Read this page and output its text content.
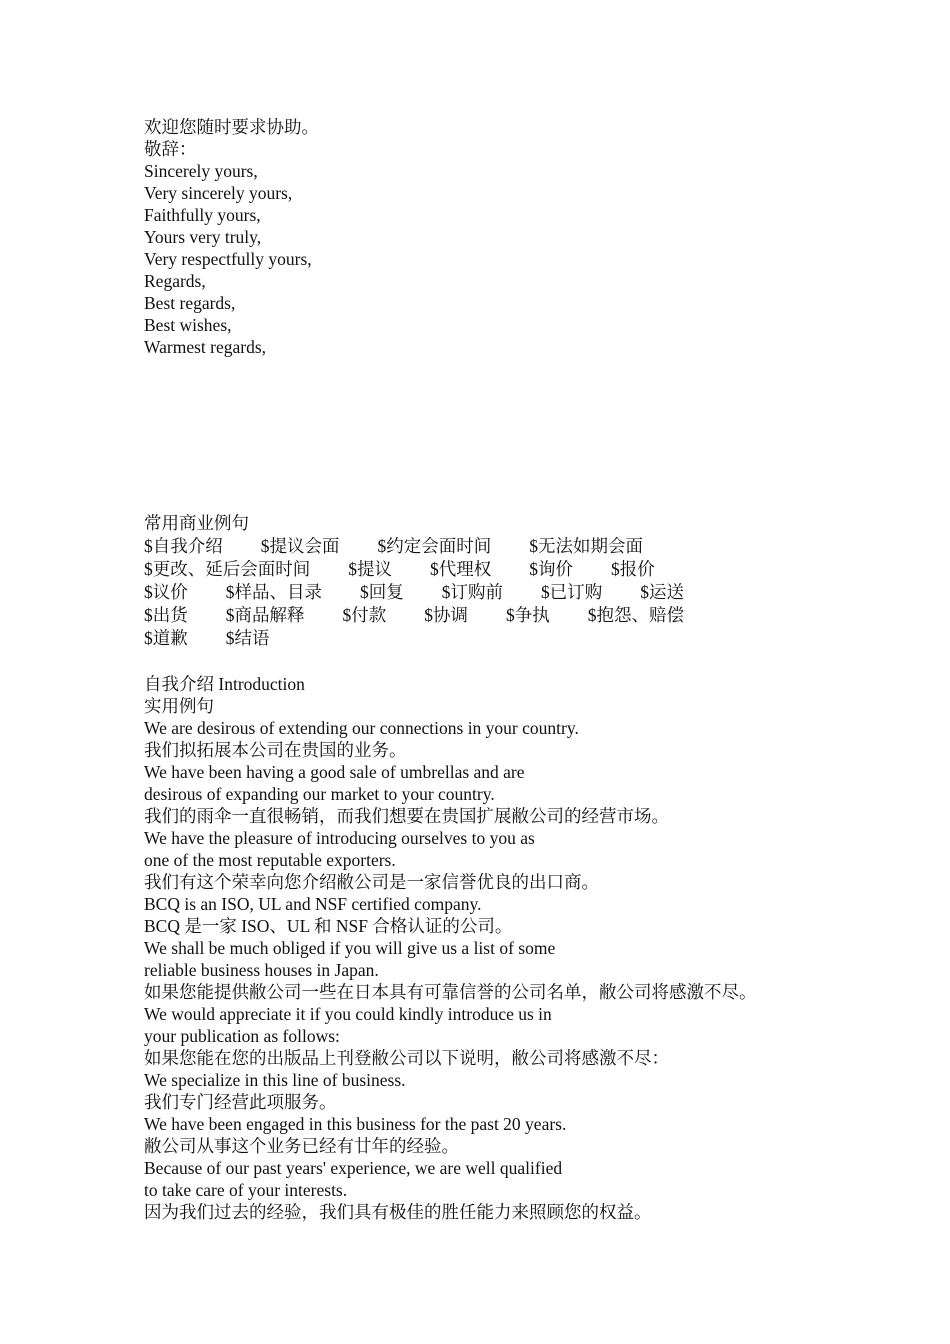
欢迎您随时要求协助。
敬辞：
Sincerely yours,
Very sincerely yours,
Faithfully yours,
Yours very truly,
Very respectfully yours,
Regards,
Best regards,
Best wishes,
Warmest regards,
常用商业例句
$自我介绍 $提议会面 $约定会面时间 $无法如期会面
$更改、延后会面时间 $提议 $代理权 $询价 $报价
$议价 $样品、目录 $回复 $订购前 $已订购 $运送
$出货 $商品解释 $付款 $协调 $争执 $抱怨、赔偿
$道歉 $结语
自我介绍 Introduction
实用例句
We are desirous of extending our connections in your country.
我们拟拓展本公司在贵国的业务。
We have been having a good sale of umbrellas and are
desirous of expanding our market to your country.
我们的雨伞一直很畅销，而我们想要在贵国扩展敝公司的经营市场。
We have the pleasure of introducing ourselves to you as
one of the most reputable exporters.
我们有这个荣幸向您介绍敝公司是一家信誉优良的出口商。
BCQ is an ISO, UL and NSF certified company.
BCQ 是一家 ISO、UL 和 NSF 合格认证的公司。
We shall be much obliged if you will give us a list of some
reliable business houses in Japan.
如果您能提供敝公司一些在日本具有可靠信誉的公司名单，敝公司将感激不尽。
We would appreciate it if you could kindly introduce us in
your publication as follows:
如果您能在您的出版品上刊登敝公司以下说明，敝公司将感激不尽：
We specialize in this line of business.
我们专门经营此项服务。
We have been engaged in this business for the past 20 years.
敝公司从事这个业务已经有廿年的经验。
Because of our past years' experience, we are well qualified
to take care of your interests.
因为我们过去的经验，我们具有极佳的胜任能力来照顾您的权益。
